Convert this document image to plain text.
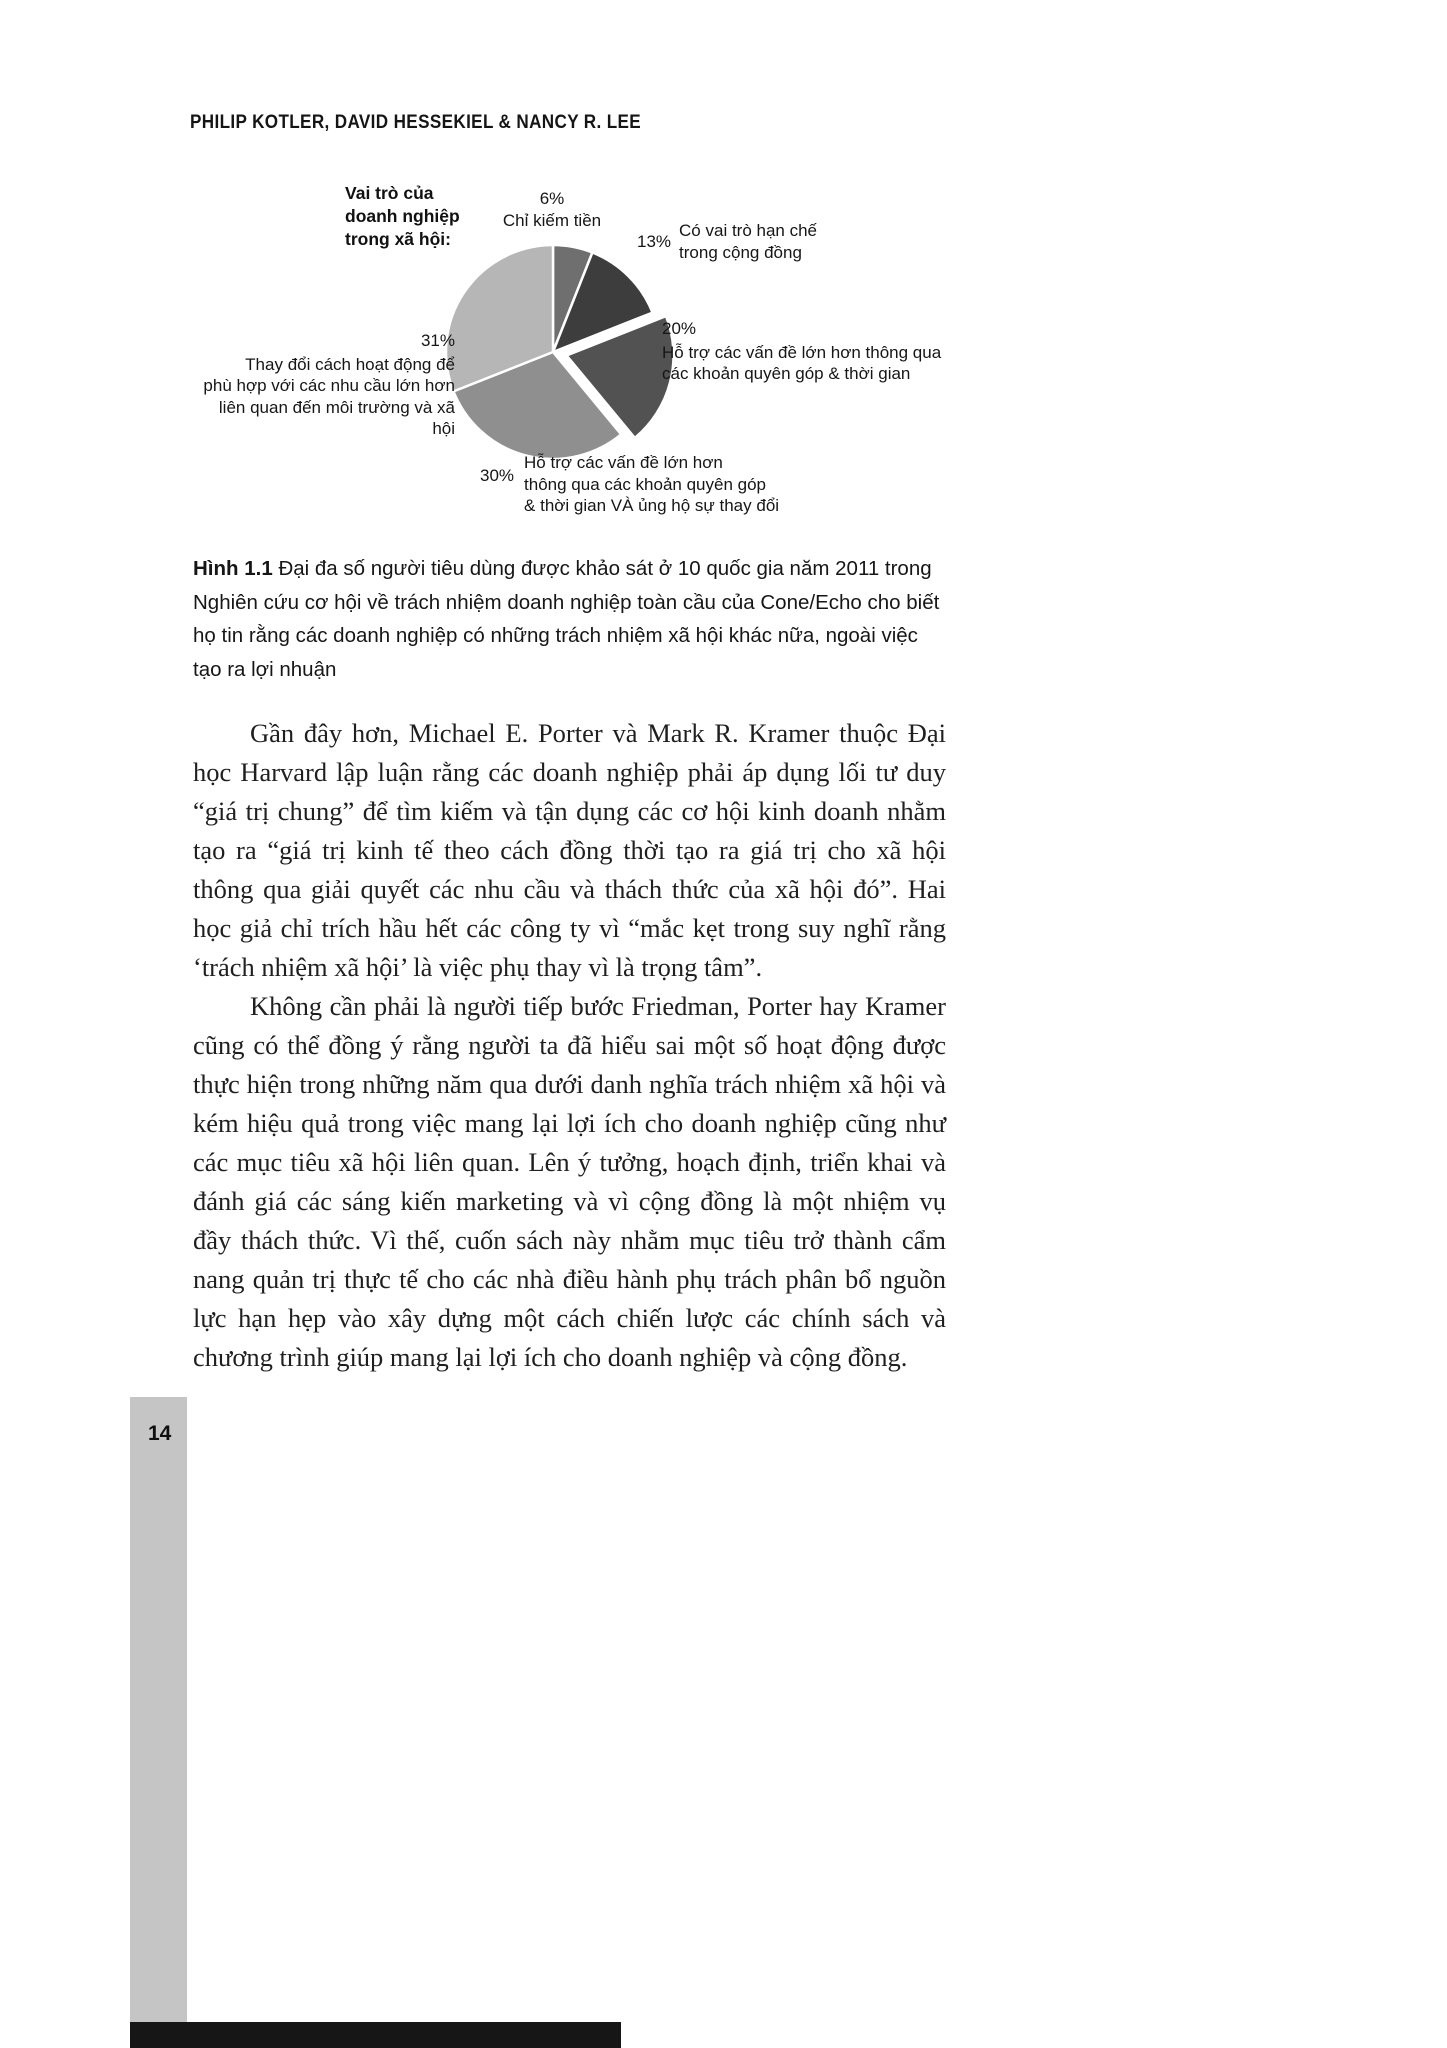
PHILIP KOTLER, DAVID HESSEKIEL & NANCY R. LEE
Vai trò của
doanh nghiệp
trong xã hội:
6%
Chỉ kiếm tiền
13%
Có vai trò hạn chế
trong cộng đồng
20%
Hỗ trợ các vấn đề lớn hơn thông qua
các khoản quyên góp & thời gian
31%
Thay đổi cách hoạt động để
phù hợp với các nhu cầu lớn hơn
liên quan đến môi trường và xã hội
30%
Hỗ trợ các vấn đề lớn hơn
thông qua các khoản quyên góp
& thời gian VÀ ủng hộ sự thay đổi

Hình 1.1 Đại đa số người tiêu dùng được khảo sát ở 10 quốc gia năm 2011 trong Nghiên cứu cơ hội về trách nhiệm doanh nghiệp toàn cầu của Cone/Echo cho biết họ tin rằng các doanh nghiệp có những trách nhiệm xã hội khác nữa, ngoài việc tạo ra lợi nhuận

Gần đây hơn, Michael E. Porter và Mark R. Kramer thuộc Đại học Harvard lập luận rằng các doanh nghiệp phải áp dụng lối tư duy “giá trị chung” để tìm kiếm và tận dụng các cơ hội kinh doanh nhằm tạo ra “giá trị kinh tế theo cách đồng thời tạo ra giá trị cho xã hội thông qua giải quyết các nhu cầu và thách thức của xã hội đó”. Hai học giả chỉ trích hầu hết các công ty vì “mắc kẹt trong suy nghĩ rằng ‘trách nhiệm xã hội’ là việc phụ thay vì là trọng tâm”.

Không cần phải là người tiếp bước Friedman, Porter hay Kramer cũng có thể đồng ý rằng người ta đã hiểu sai một số hoạt động được thực hiện trong những năm qua dưới danh nghĩa trách nhiệm xã hội và kém hiệu quả trong việc mang lại lợi ích cho doanh nghiệp cũng như các mục tiêu xã hội liên quan. Lên ý tưởng, hoạch định, triển khai và đánh giá các sáng kiến marketing và vì cộng đồng là một nhiệm vụ đầy thách thức. Vì thế, cuốn sách này nhằm mục tiêu trở thành cẩm nang quản trị thực tế cho các nhà điều hành phụ trách phân bổ nguồn lực hạn hẹp vào xây dựng một cách chiến lược các chính sách và chương trình giúp mang lại lợi ích cho doanh nghiệp và cộng đồng.

14
